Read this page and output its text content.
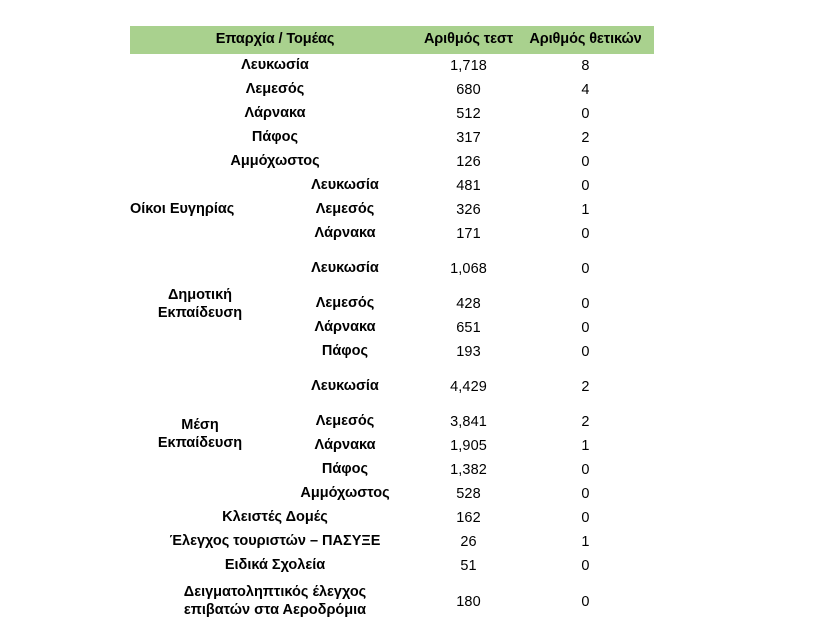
Επαρχία / Τομέας		Αριθμός τεστ	Αριθμός θετικών
Λευκωσία		1,718	8
Λεμεσός		680	4
Λάρνακα		512	0
Πάφος		317	2
Αμμόχωστος		126	0
Οίκοι Ευγηρίας	Λευκωσία	481	0
	Λεμεσός	326	1
	Λάρνακα	171	0

Δημοτική
Εκπαίδευση	Λευκωσία	1,068	0
	Λεμεσός	428	0
	Λάρνακα	651	0
	Πάφος	193	0

Μέση
Εκπαίδευση	Λευκωσία	4,429	2
	Λεμεσός	3,841	2
	Λάρνακα	1,905	1
	Πάφος	1,382	0
	Αμμόχωστος	528	0
Κλειστές Δομές		162	0
Έλεγχος τουριστών – ΠΑΣΥΞΕ		26	1
Ειδικά Σχολεία		51	0

Δειγματοληπτικός έλεγχος
επιβατών στα Αεροδρόμια		180	0
